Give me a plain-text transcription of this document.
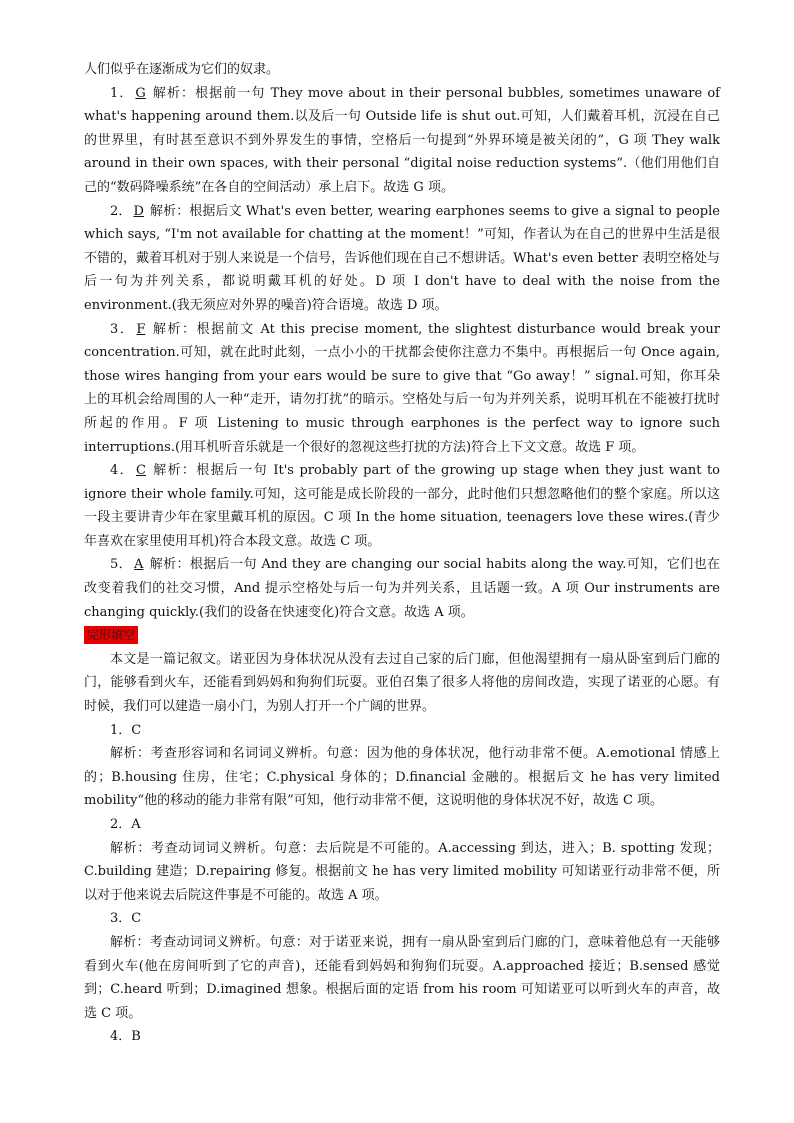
人们似乎在逐渐成为它们的奴隶。

1． G 解析：根据前一句 They move about in their personal bubbles, sometimes unaware of what's happening around them.以及后一句 Outside life is shut out.可知，人们戴着耳机，沉浸在自己的世界里，有时甚至意识不到外界发生的事情，空格后一句提到“外界环境是被关闭的”，G 项 They walk around in their own spaces, with their personal “digital noise reduction systems”.（他们用他们自己的“数码降噪系统”在各自的空间活动）承上启下。故选 G 项。

2． D 解析：根据后文 What's even better, wearing earphones seems to give a signal to people which says, “I'm not available for chatting at the moment！”可知，作者认为在自己的世界中生活是很不错的，戴着耳机对于别人来说是一个信号，告诉他们现在自己不想讲话。What's even better 表明空格处与后一句为并列关系，都说明戴耳机的好处。D 项 I don't have to deal with the noise from the environment.(我无须应对外界的噪音)符合语境。故选 D 项。

3． F 解析：根据前文 At this precise moment, the slightest disturbance would break your concentration.可知，就在此时此刻，一点小小的干扰都会使你注意力不集中。再根据后一句 Once again, those wires hanging from your ears would be sure to give that “Go away！” signal.可知，你耳朵上的耳机会给周围的人一种“走开，请勿打扰”的暗示。空格处与后一句为并列关系，说明耳机在不能被打扰时所起的作用。F 项 Listening to music through earphones is the perfect way to ignore such interruptions.(用耳机听音乐就是一个很好的忽视这些打扰的方法)符合上下文文意。故选 F 项。

4． C 解析：根据后一句 It's probably part of the growing up stage when they just want to ignore their whole family.可知，这可能是成长阶段的一部分，此时他们只想忽略他们的整个家庭。所以这一段主要讲青少年在家里戴耳机的原因。C 项 In the home situation, teenagers love these wires.(青少年喜欢在家里使用耳机)符合本段文意。故选 C 项。

5． A 解析：根据后一句 And they are changing our social habits along the way.可知，它们也在改变着我们的社交习惯，And 提示空格处与后一句为并列关系，且话题一致。A 项 Our instruments are changing quickly.(我们的设备在快速变化)符合文意。故选 A 项。

完形填空

本文是一篇记叙文。诺亚因为身体状况从没有去过自己家的后门廊，但他渴望拥有一扇从卧室到后门廊的门，能够看到火车，还能看到妈妈和狗狗们玩耍。亚伯召集了很多人将他的房间改造，实现了诺亚的心愿。有时候，我们可以建造一扇小门，为别人打开一个广阔的世界。

1．C

解析：考查形容词和名词词义辨析。句意：因为他的身体状况，他行动非常不便。A.emotional 情感上的；B.housing 住房，住宅；C.physical 身体的；D.financial 金融的。根据后文 he has very limited mobility“他的移动的能力非常有限”可知，他行动非常不便，这说明他的身体状况不好，故选 C 项。

2．A

解析：考查动词词义辨析。句意：去后院是不可能的。A.accessing 到达，进入；B. spotting 发现；C.building 建造；D.repairing 修复。根据前文 he has very limited mobility 可知诺亚行动非常不便，所以对于他来说去后院这件事是不可能的。故选 A 项。

3．C

解析：考查动词词义辨析。句意：对于诺亚来说，拥有一扇从卧室到后门廊的门，意味着他总有一天能够看到火车(他在房间听到了它的声音)，还能看到妈妈和狗狗们玩耍。A.approached 接近；B.sensed 感觉到；C.heard 听到；D.imagined 想象。根据后面的定语 from his room 可知诺亚可以听到火车的声音，故选 C 项。

4．B
